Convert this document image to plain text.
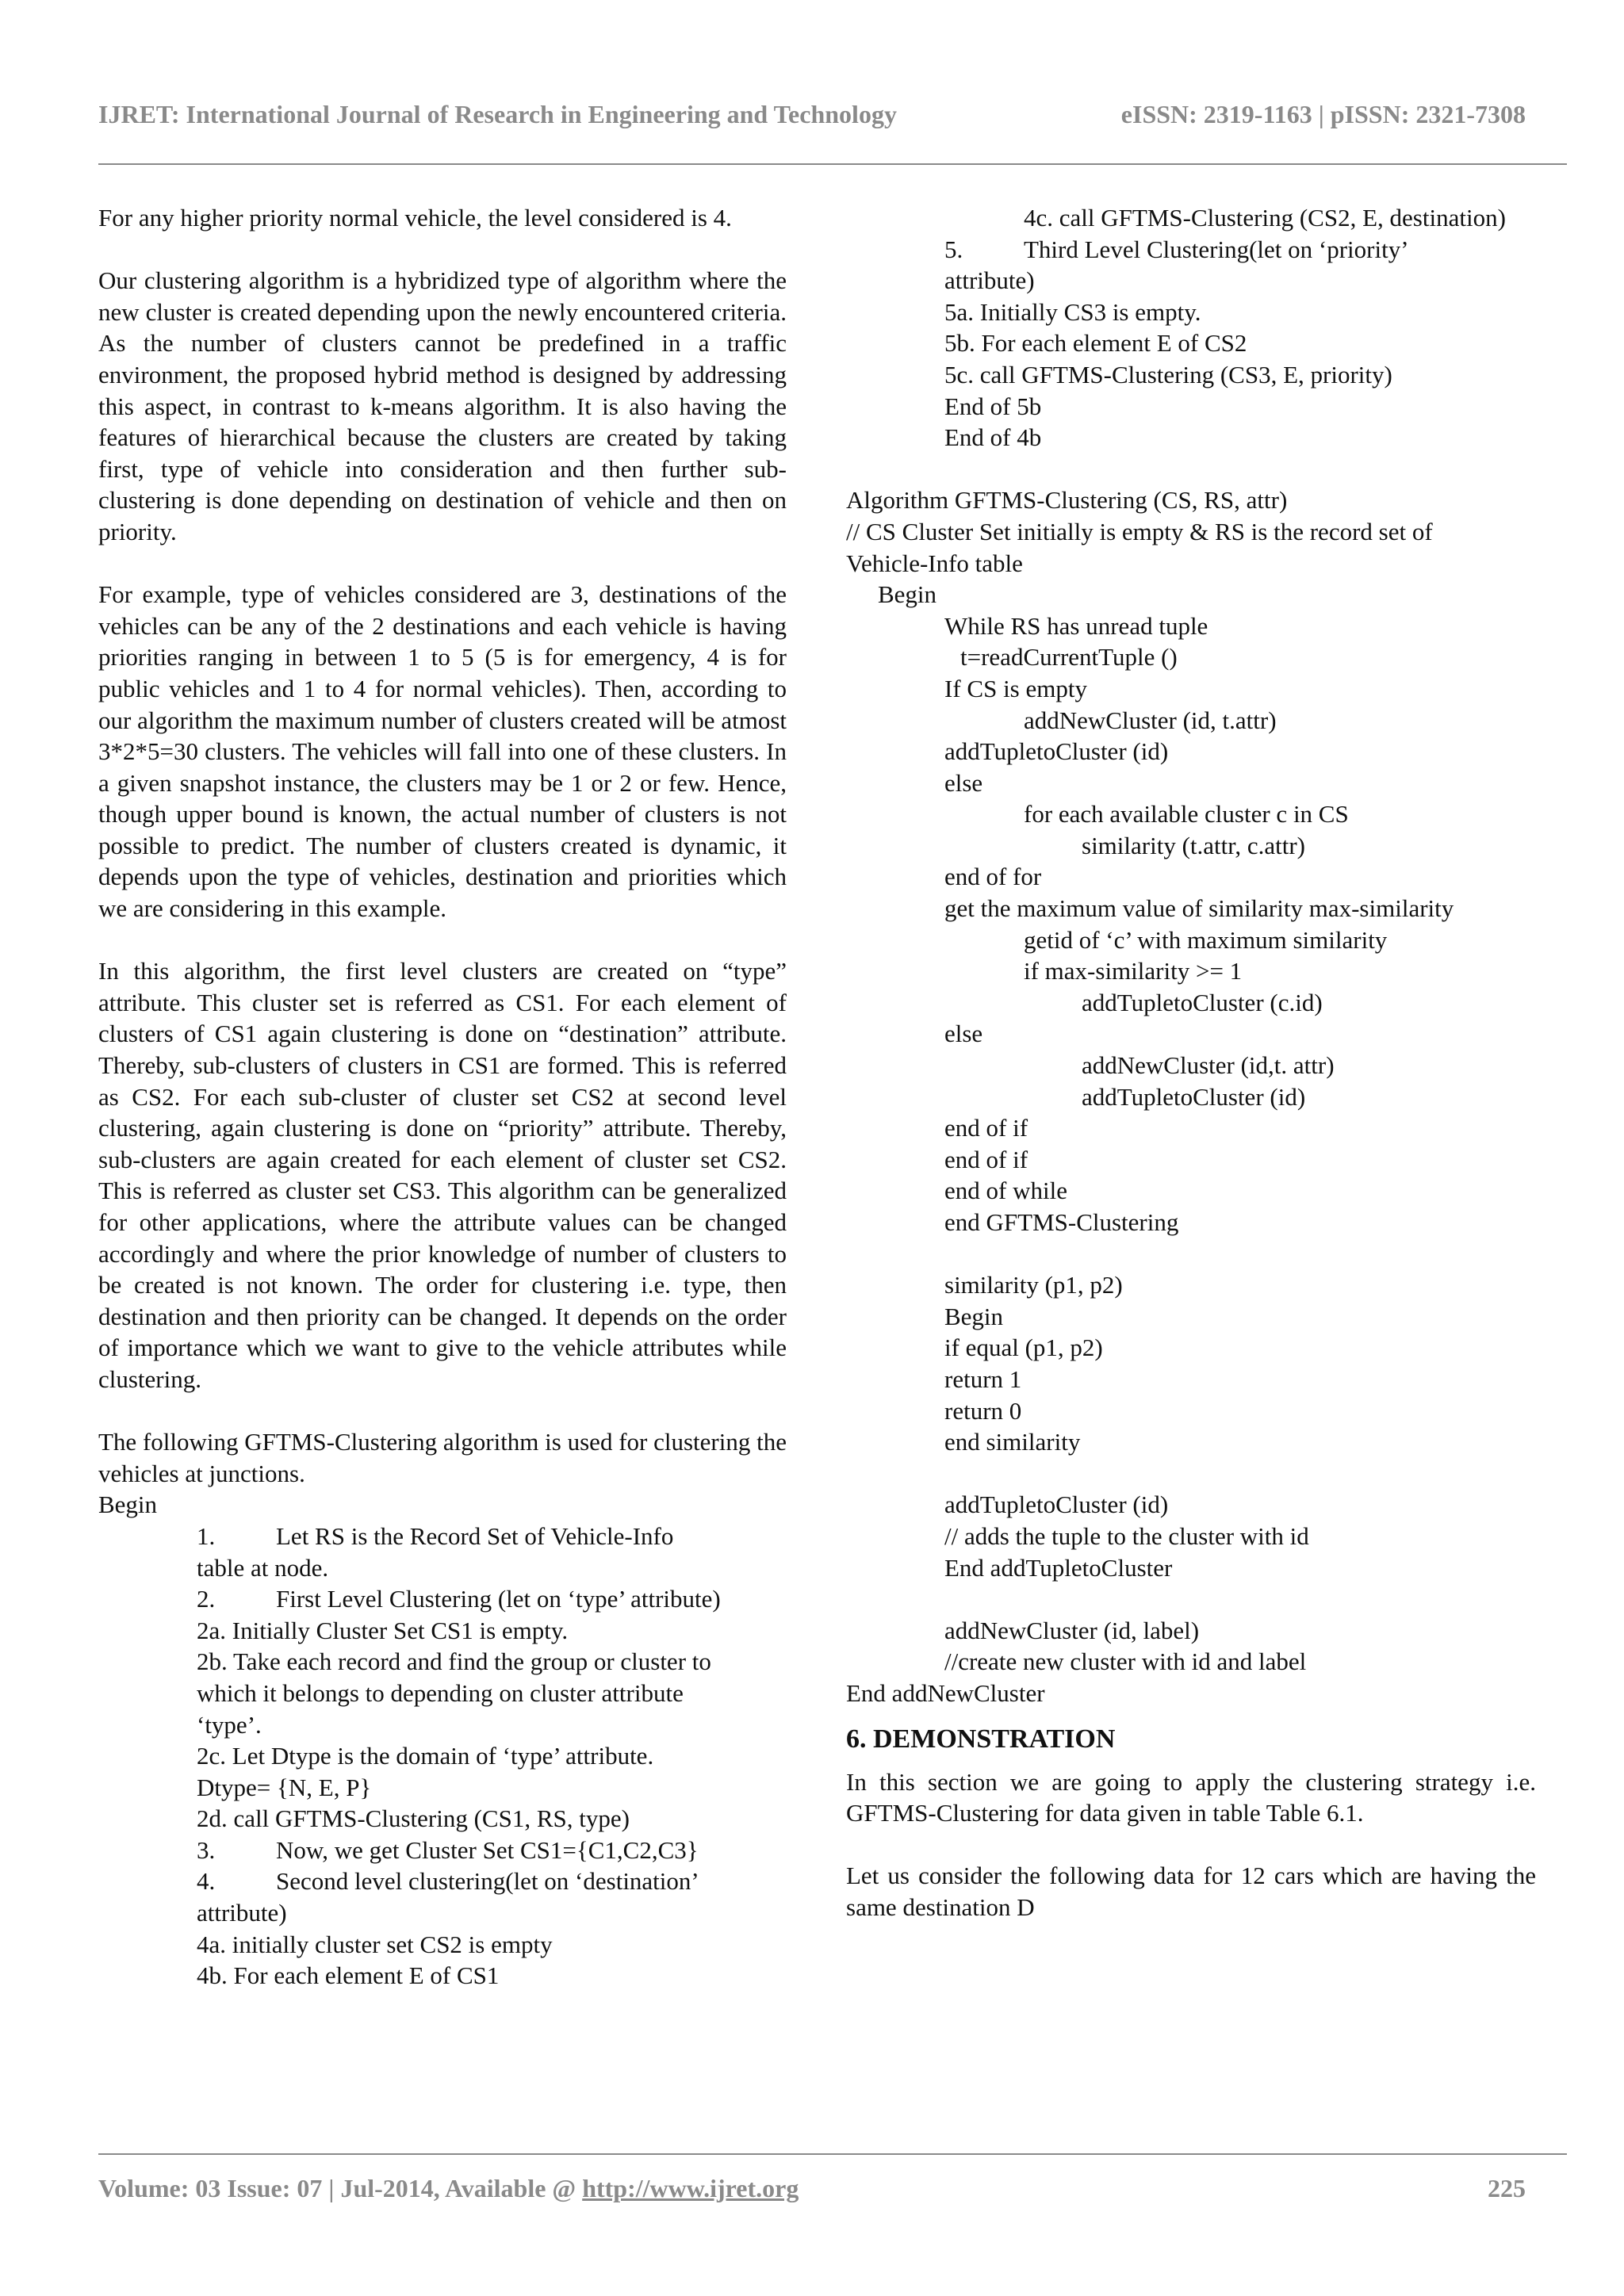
IJRET: International Journal of Research in Engineering and Technology	eISSN: 2319-1163 | pISSN: 2321-7308

For any higher priority normal vehicle, the level considered is 4.

Our clustering algorithm is a hybridized type of algorithm where the new cluster is created depending upon the newly encountered criteria. As the number of clusters cannot be predefined in a traffic environment, the proposed hybrid method is designed by addressing this aspect, in contrast to k-means algorithm. It is also having the features of hierarchical because the clusters are created by taking first, type of vehicle into consideration and then further sub-clustering is done depending on destination of vehicle and then on priority.

For example, type of vehicles considered are 3, destinations of the vehicles can be any of the 2 destinations and each vehicle is having priorities ranging in between 1 to 5 (5 is for emergency, 4 is for public vehicles and 1 to 4 for normal vehicles). Then, according to our algorithm the maximum number of clusters created will be atmost 3*2*5=30 clusters. The vehicles will fall into one of these clusters. In a given snapshot instance, the clusters may be 1 or 2 or few. Hence, though upper bound is known, the actual number of clusters is not possible to predict. The number of clusters created is dynamic, it depends upon the type of vehicles, destination and priorities which we are considering in this example.

In this algorithm, the first level clusters are created on “type” attribute. This cluster set is referred as CS1. For each element of clusters of CS1 again clustering is done on “destination” attribute. Thereby, sub-clusters of clusters in CS1 are formed. This is referred as CS2. For each sub-cluster of cluster set CS2 at second level clustering, again clustering is done on “priority” attribute. Thereby, sub-clusters are again created for each element of cluster set CS2. This is referred as cluster set CS3. This algorithm can be generalized for other applications, where the attribute values can be changed accordingly and where the prior knowledge of number of clusters to be created is not known. The order for clustering i.e. type, then destination and then priority can be changed. It depends on the order of importance which we want to give to the vehicle attributes while clustering.

The following GFTMS-Clustering algorithm is used for clustering the vehicles at junctions.

Begin
1.	Let RS is the Record Set of Vehicle-Info
table at node.
2.	First Level Clustering (let on ‘type’ attribute)
2a. Initially Cluster Set CS1 is empty.
2b. Take each record and find the group or cluster to
which it belongs to depending on cluster attribute
‘type’.
2c. Let Dtype is the domain of ‘type’ attribute.
Dtype= {N, E, P}
2d. call GFTMS-Clustering (CS1, RS, type)
3.	Now, we get Cluster Set CS1={C1,C2,C3}
4.	Second level clustering(let on ‘destination’
attribute)
4a. initially cluster set CS2 is empty
4b. For each element E of CS1
4c. call GFTMS-Clustering (CS2, E, destination)
5.	Third Level Clustering(let on ‘priority’
attribute)
5a. Initially CS3 is empty.
5b. For each element E of CS2
5c. call GFTMS-Clustering (CS3, E, priority)
End of 5b
End of 4b
Algorithm GFTMS-Clustering (CS, RS, attr)
// CS Cluster Set initially is empty & RS is the record set of
Vehicle-Info table
Begin
While RS has unread tuple
t=readCurrentTuple ()
If CS is empty
addNewCluster (id, t.attr)
addTupletoCluster (id)
else
for each available cluster c in CS
similarity (t.attr, c.attr)
end of for
get the maximum value of similarity max-similarity
getid of ‘c’ with maximum similarity
if max-similarity >= 1
addTupletoCluster (c.id)
else
addNewCluster (id,t. attr)
addTupletoCluster (id)
end of if
end of if
end of while
end GFTMS-Clustering
similarity (p1, p2)
Begin
if equal (p1, p2)
return 1
return 0
end similarity
addTupletoCluster (id)
// adds the tuple to the cluster with id
End addTupletoCluster
addNewCluster (id, label)
//create new cluster with id and label
End addNewCluster
6. DEMONSTRATION

In this section we are going to apply the clustering strategy i.e. GFTMS-Clustering for data given in table Table 6.1.

Let us consider the following data for 12 cars which are having the same destination D

Volume: 03 Issue: 07 | Jul-2014, Available @ http://www.ijret.org	225
